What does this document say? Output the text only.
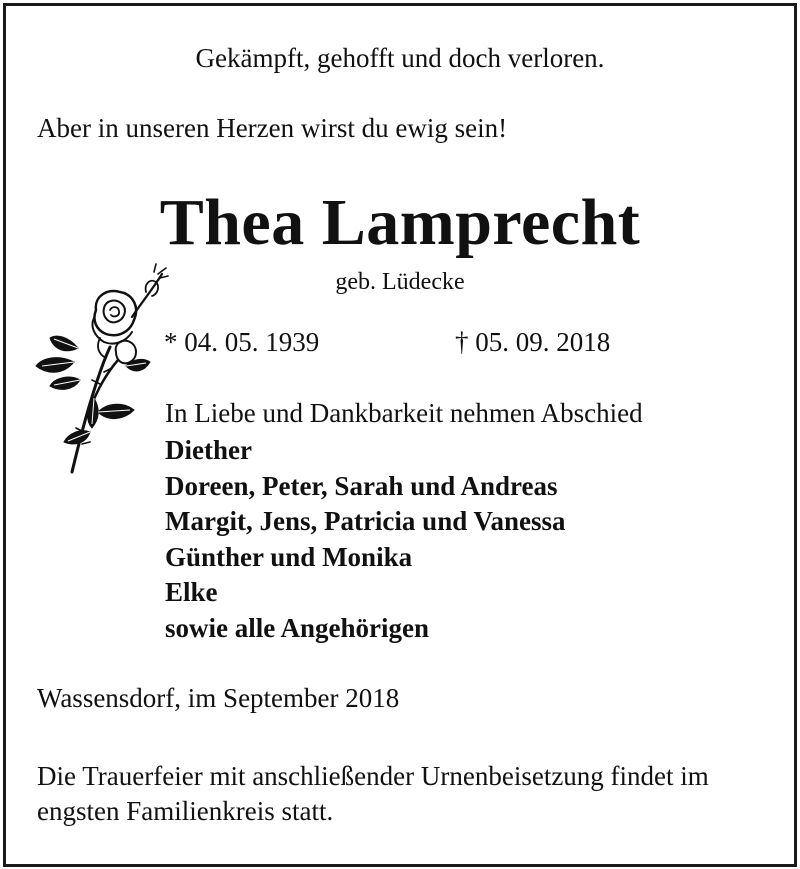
Gekämpft, gehofft und doch verloren.
Aber in unseren Herzen wirst du ewig sein!
Thea Lamprecht
geb. Lüdecke
* 04. 05. 1939	† 05. 09. 2018
In Liebe und Dankbarkeit nehmen Abschied
Diether
Doreen, Peter, Sarah und Andreas
Margit, Jens, Patricia und Vanessa
Günther und Monika
Elke
sowie alle Angehörigen
Wassensdorf, im September 2018
Die Trauerfeier mit anschließender Urnenbeisetzung findet im engsten Familienkreis statt.
